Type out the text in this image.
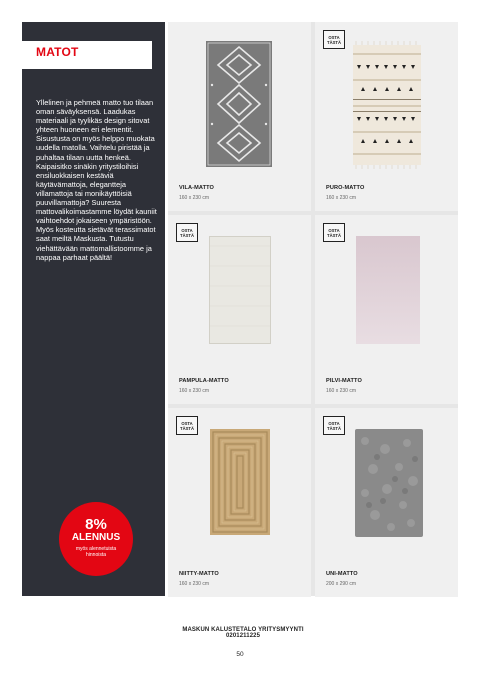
MATOT

Yllelinen ja pehmeä matto tuo tilaan oman säväyksensä. Laadukas materiaali ja tyylikäs design sitovat yhteen huoneen eri elementit. Sisustusta on myös helppo muokata uudella matolla. Vaihtelu piristää ja puhaltaa tilaan uutta henkeä. Kaipaisitko sinäkin yritystiloihisi ensiluokkaisen kestäviä käytävämattoja, eleganttеja villamattoja tai monikäyttöisiä puuvillamattoja? Suuresta mattovalikoimastamme löydät kauniit vaihtoehdot jokaiseen ympäristöön. Myös kosteutta sietävät terassimatot saat meiltä Maskusta. Tutustu viehättävään mattomallistoomme ja nappaa parhaat päältä!

8%
ALENNUS
myös alennetuista hinnoista

VILA-MATTO

160 x 230 cm

OSTA
TÄSTÄ

PURO-MATTO

160 x 230 cm

OSTA
TÄSTÄ

PAMPULA-MATTO

160 x 230 cm

OSTA
TÄSTÄ

PILVI-MATTO

160 x 230 cm

OSTA
TÄSTÄ

NIITTY-MATTO

160 x 230 cm

OSTA
TÄSTÄ

UNI-MATTO

200 x 290 cm

MASKUN KALUSTETALO YRITYSMYYNTI 0201211225
50
